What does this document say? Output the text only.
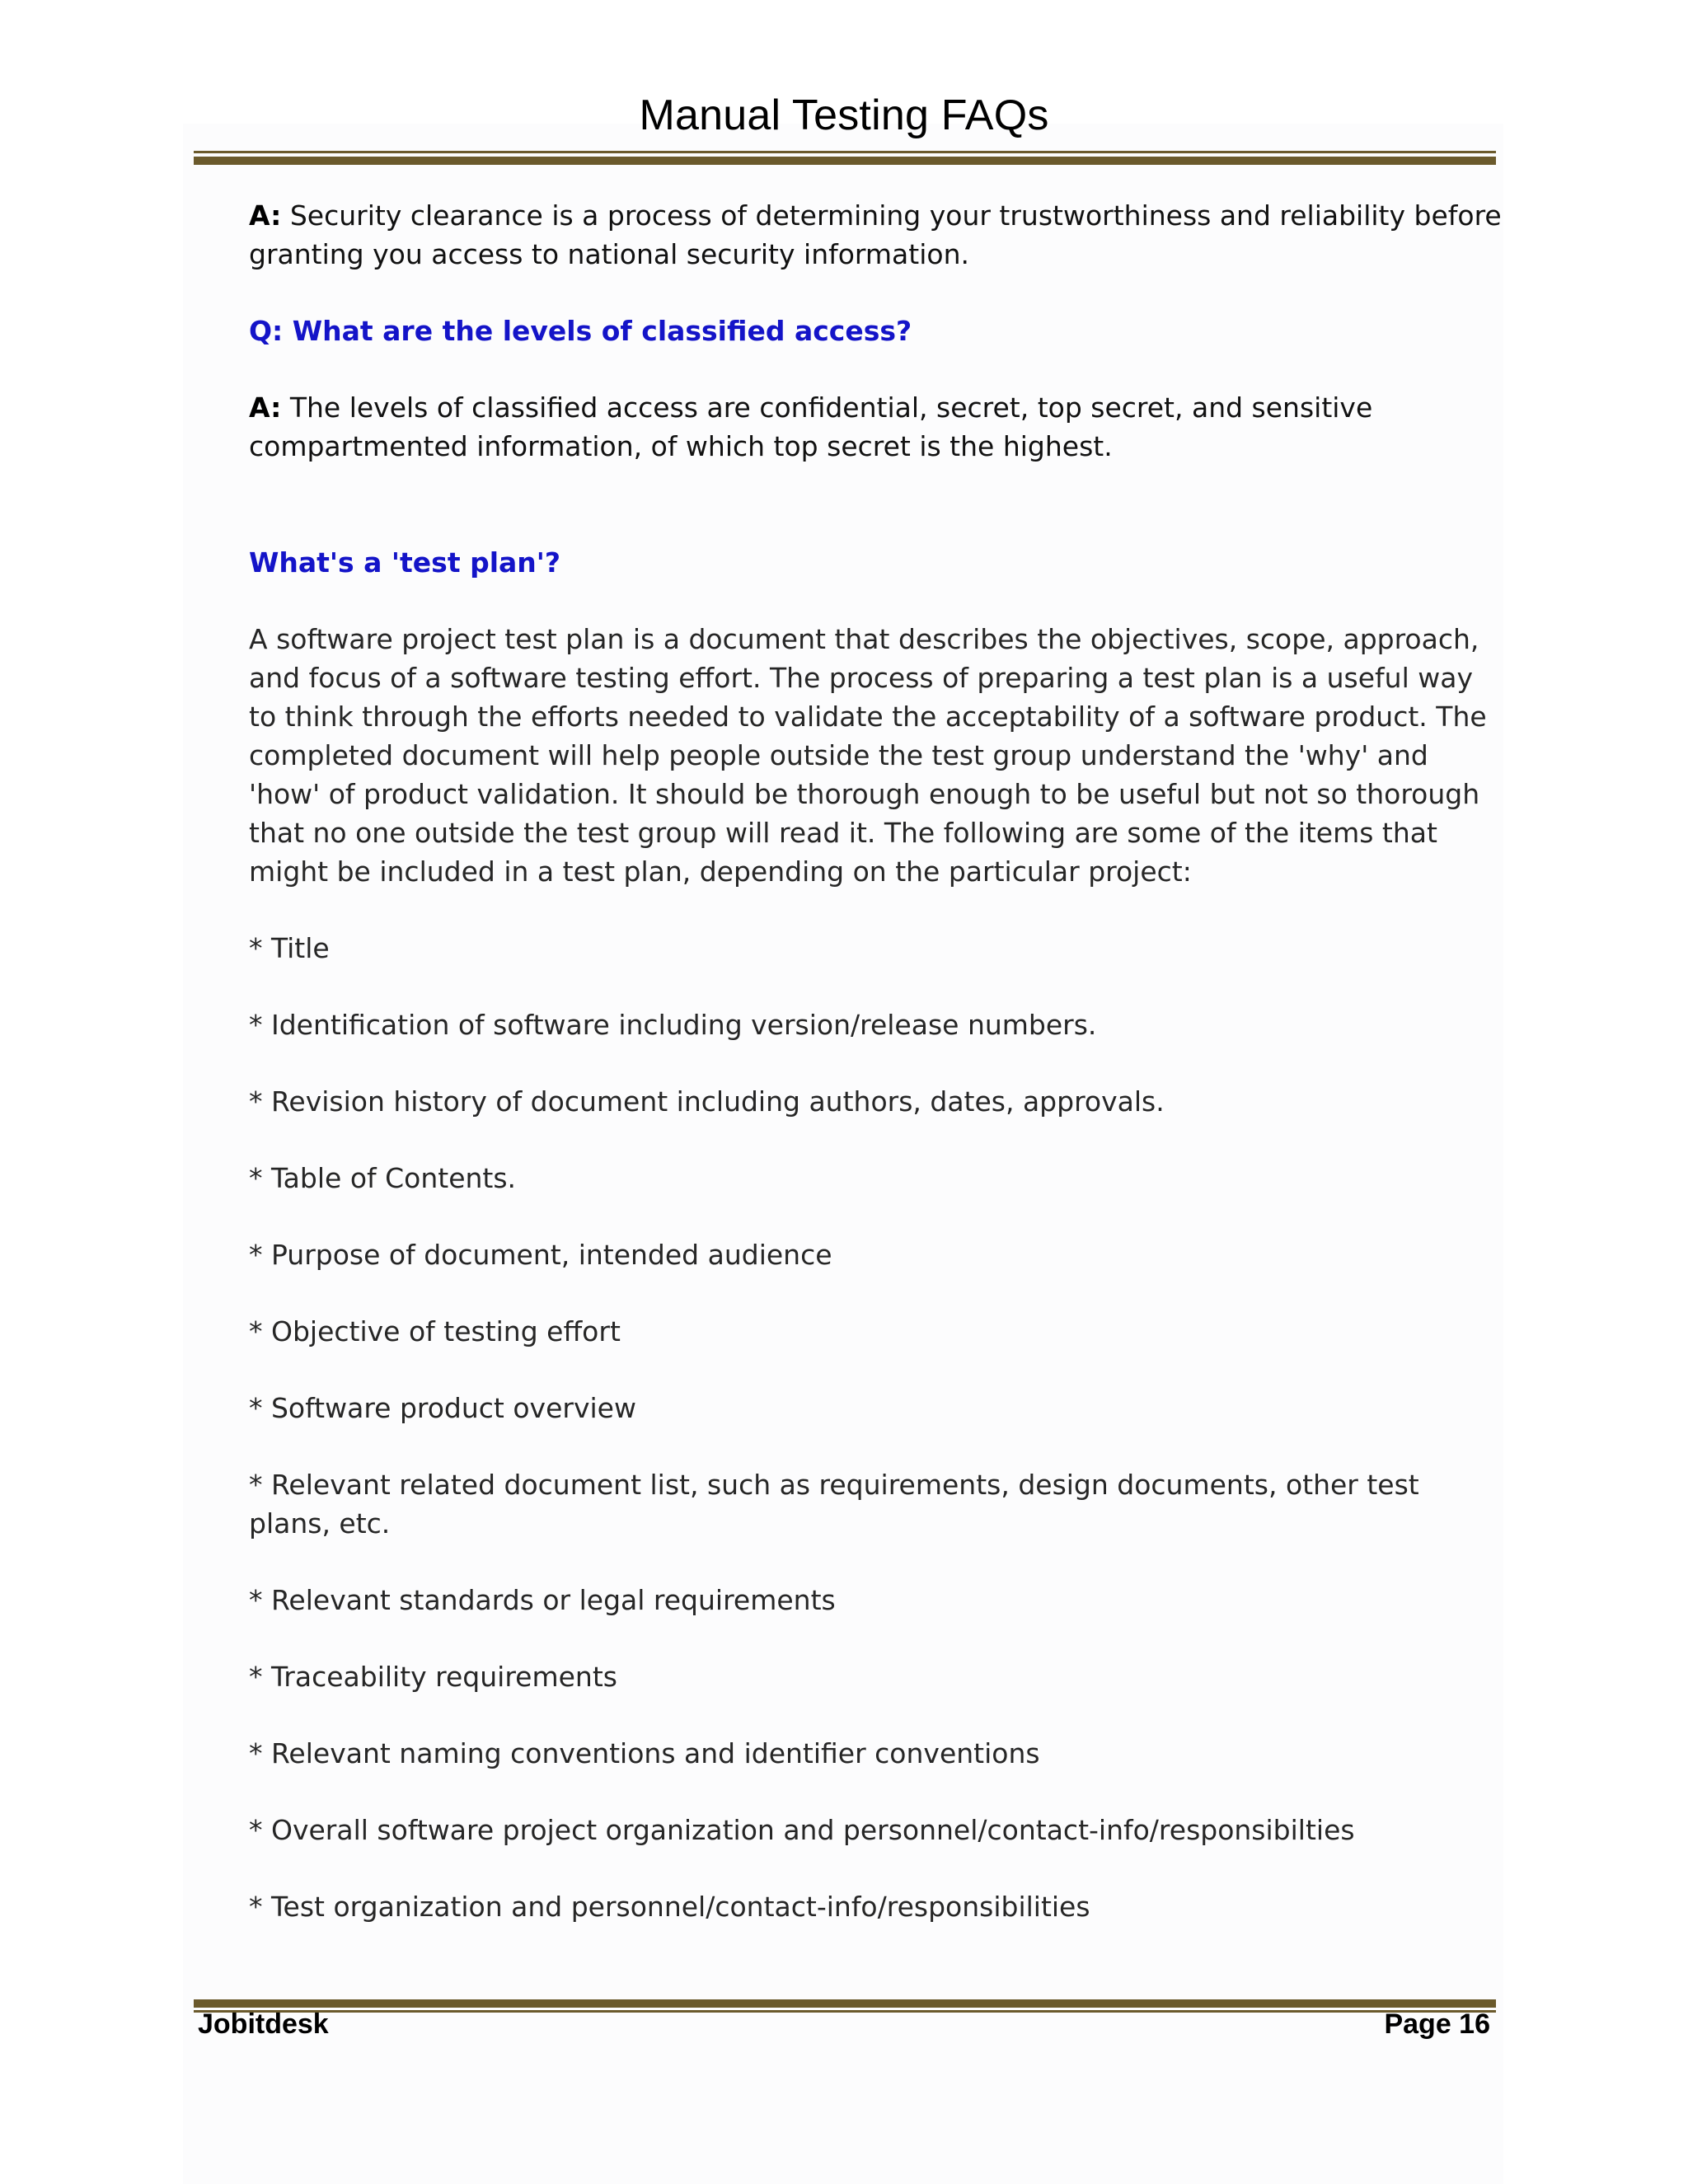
Manual Testing FAQs

A: Security clearance is a process of determining your trustworthiness and reliability before granting you access to national security information.

Q: What are the levels of classified access?

A: The levels of classified access are confidential, secret, top secret, and sensitive compartmented information, of which top secret is the highest.

What's a 'test plan'?

A software project test plan is a document that describes the objectives, scope, approach, and focus of a software testing effort. The process of preparing a test plan is a useful way to think through the efforts needed to validate the acceptability of a software product. The completed document will help people outside the test group understand the 'why' and 'how' of product validation. It should be thorough enough to be useful but not so thorough that no one outside the test group will read it. The following are some of the items that might be included in a test plan, depending on the particular project:

* Title

* Identification of software including version/release numbers.

* Revision history of document including authors, dates, approvals.

* Table of Contents.

* Purpose of document, intended audience

* Objective of testing effort

* Software product overview

* Relevant related document list, such as requirements, design documents, other test plans, etc.

* Relevant standards or legal requirements

* Traceability requirements

* Relevant naming conventions and identifier conventions

* Overall software project organization and personnel/contact-info/responsibilties

* Test organization and personnel/contact-info/responsibilities

Jobitdesk	Page 16
